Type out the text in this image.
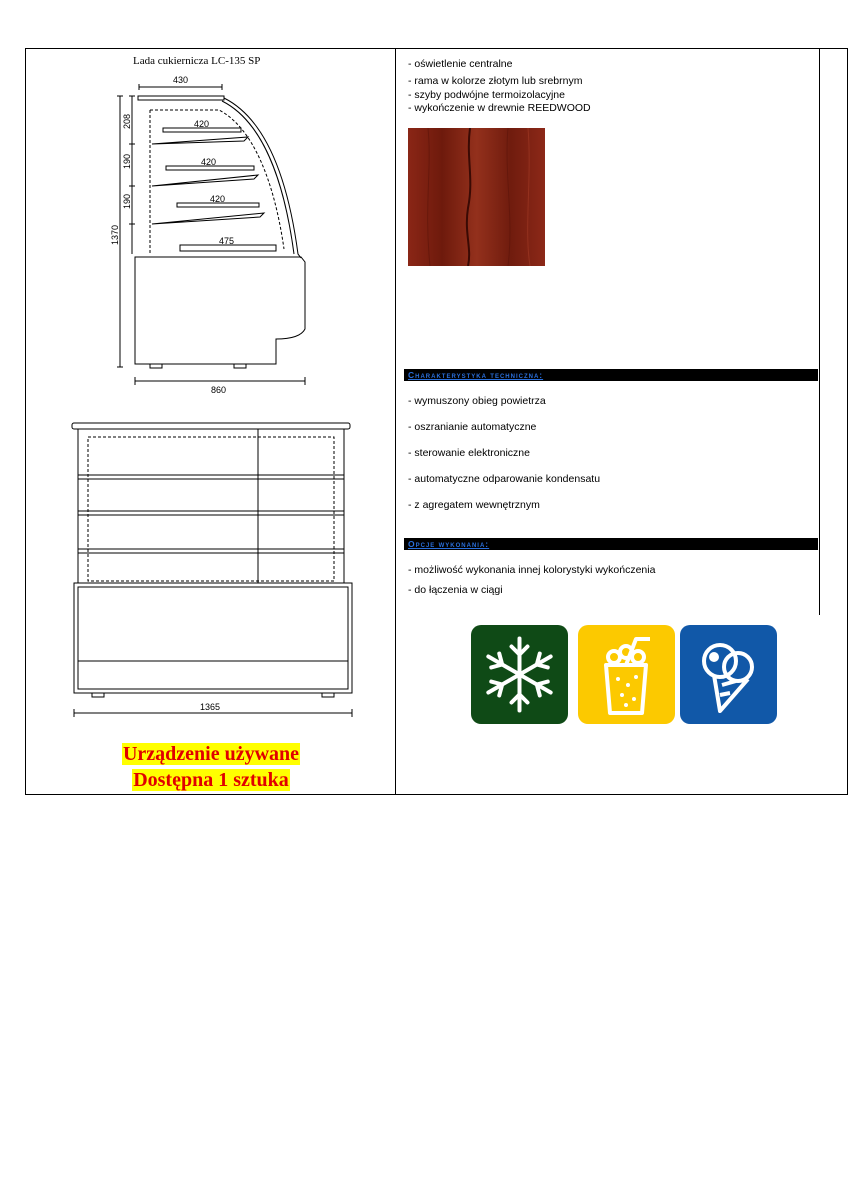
Lada cukiernicza LC-135 SP
430
420
420
420
475
208
190
190
1370
860
1365
Urządzenie używane
Dostępna 1 sztuka
- oświetlenie centralne
- rama w kolorze złotym lub srebrnym
- szyby podwójne termoizolacyjne
- wykończenie w drewnie REEDWOOD
Charakterystyka techniczna:
- wymuszony obieg powietrza
- oszranianie automatyczne
- sterowanie elektroniczne
- automatyczne odparowanie kondensatu
- z agregatem wewnętrznym
Opcje wykonania:
- możliwość wykonania innej kolorystyki wykończenia
- do łączenia w ciągi
